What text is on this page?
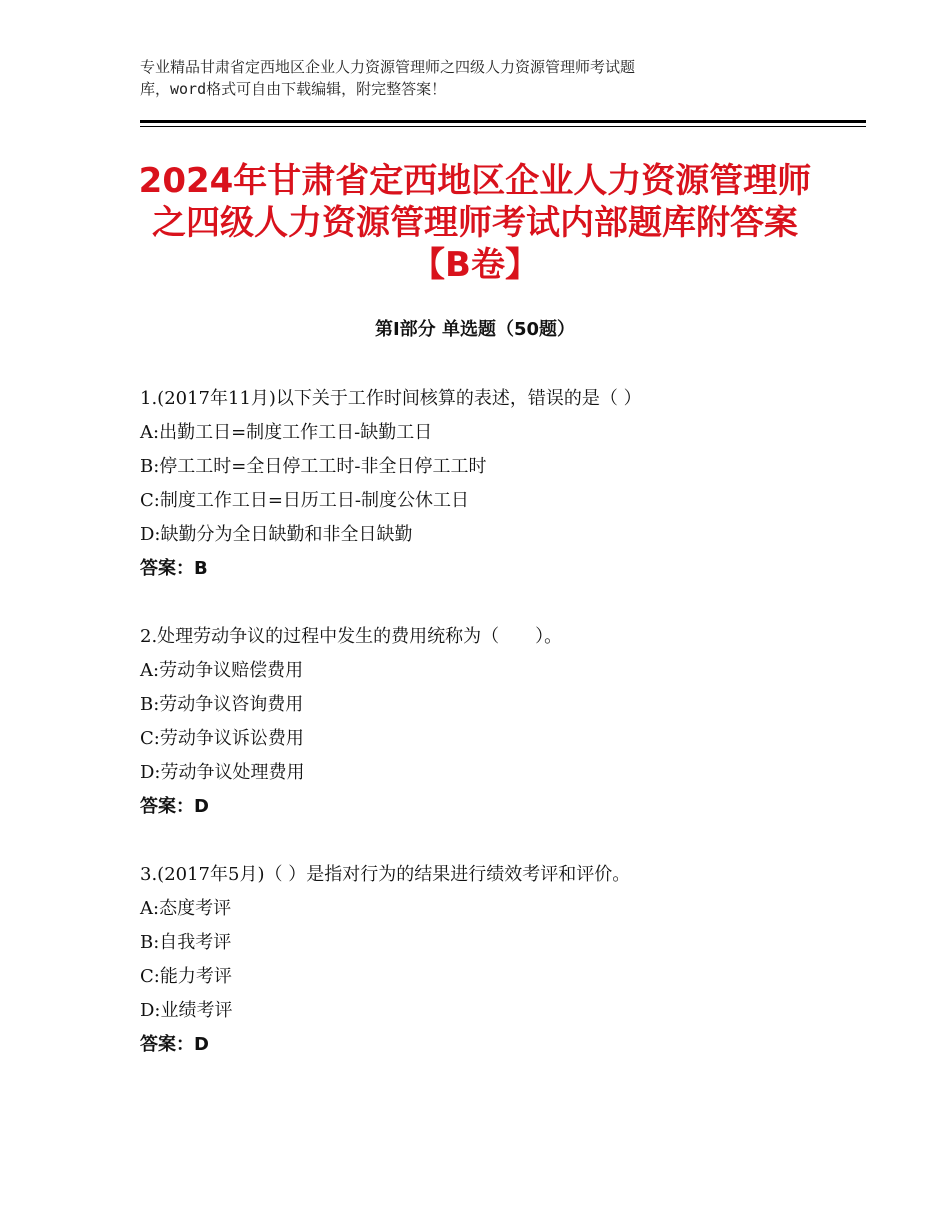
专业精品甘肃省定西地区企业人力资源管理师之四级人力资源管理师考试题
库，word格式可自由下载编辑，附完整答案！
2024年甘肃省定西地区企业人力资源管理师
之四级人力资源管理师考试内部题库附答案
【B卷】
第Ⅰ部分 单选题（50题）
1.(2017年11月)以下关于工作时间核算的表述，错误的是（ ）
A:出勤工日=制度工作工日-缺勤工日
B:停工工时=全日停工工时-非全日停工工时
C:制度工作工日=日历工日-制度公休工日
D:缺勤分为全日缺勤和非全日缺勤
答案：B
2.处理劳动争议的过程中发生的费用统称为（　　）。
A:劳动争议赔偿费用
B:劳动争议咨询费用
C:劳动争议诉讼费用
D:劳动争议处理费用
答案：D
3.(2017年5月)（ ）是指对行为的结果进行绩效考评和评价。
A:态度考评
B:自我考评
C:能力考评
D:业绩考评
答案：D
